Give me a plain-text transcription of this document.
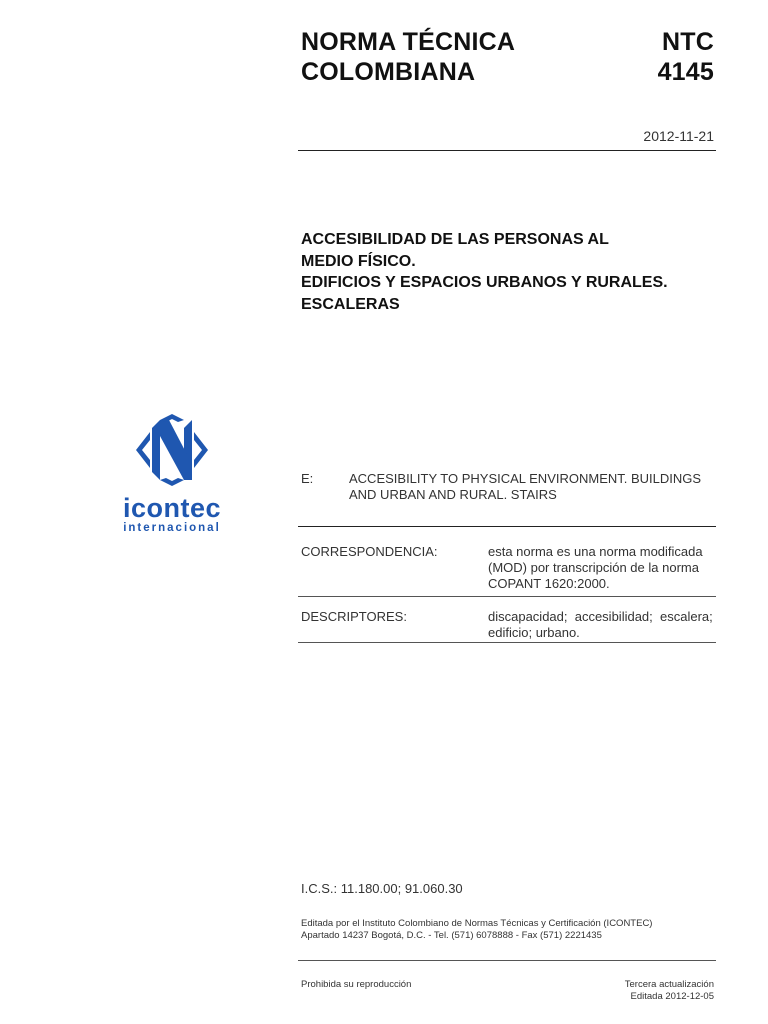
NORMA TÉCNICA
COLOMBIANA
NTC
4145
2012-11-21
ACCESIBILIDAD DE LAS PERSONAS AL
MEDIO FÍSICO.
EDIFICIOS Y ESPACIOS URBANOS Y RURALES.
ESCALERAS
icontec
internacional
E:	ACCESIBILITY TO PHYSICAL ENVIRONMENT. BUILDINGS
AND URBAN AND RURAL. STAIRS
CORRESPONDENCIA:	esta norma es una norma modificada
(MOD) por transcripción de la norma
COPANT 1620:2000.
DESCRIPTORES:	discapacidad;  accesibilidad;  escalera;
edificio; urbano.
I.C.S.: 11.180.00; 91.060.30
Editada por el Instituto Colombiano de Normas Técnicas y Certificación (ICONTEC)
Apartado 14237 Bogotá, D.C. - Tel. (571) 6078888 - Fax (571) 2221435
Prohibida su reproducción	Tercera actualización
Editada 2012-12-05
